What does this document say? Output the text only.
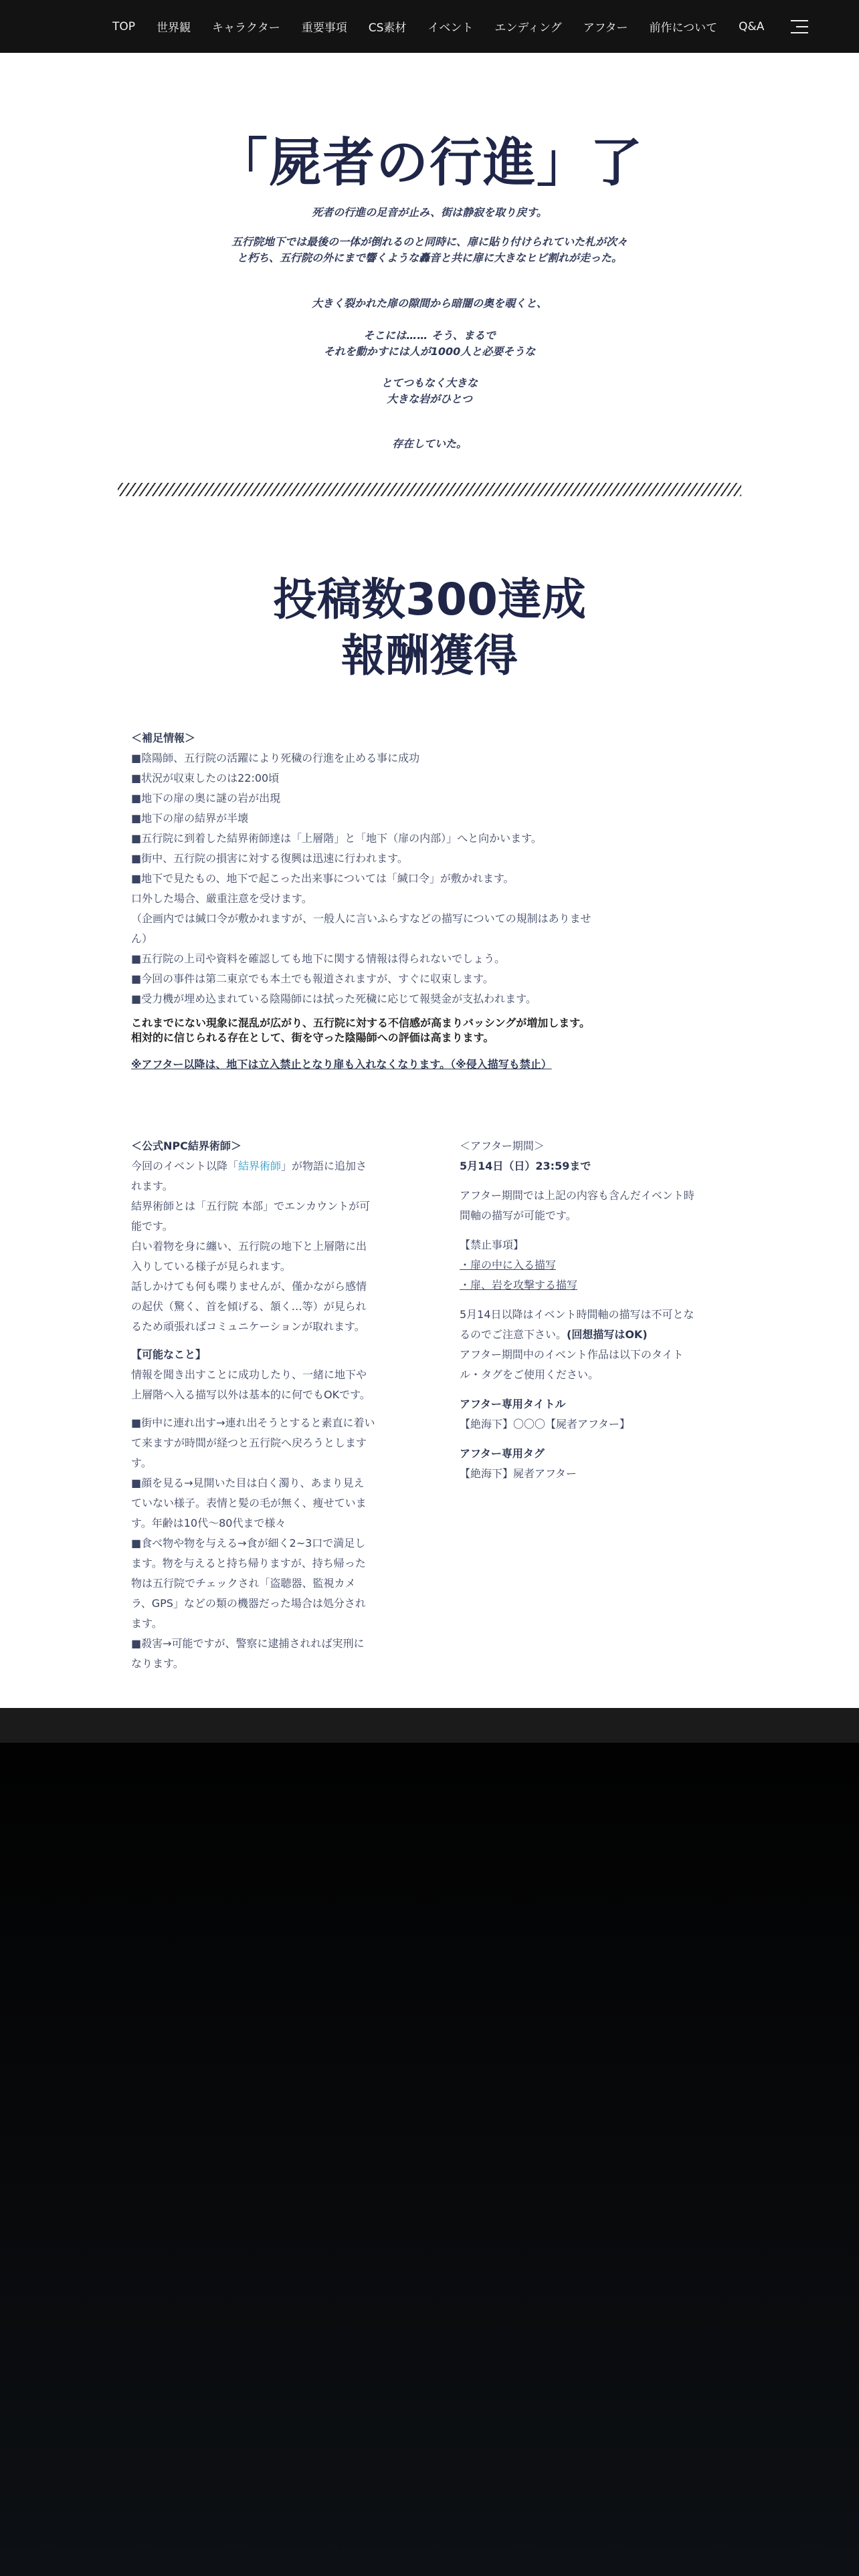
TOP	世界観	キャラクター	重要事項	CS素材	イベント	エンディング	アフター	前作について	Q&A
「屍者の行進」了

死者の行進の足音が止み、街は静寂を取り戻す。

五行院地下では最後の一体が倒れるのと同時に、扉に貼り付けられていた札が次々

と朽ち、五行院の外にまで響くような轟音と共に扉に大きなヒビ割れが走った。

大きく裂かれた扉の隙間から暗闇の奥を覗くと、

そこには…… そう、まるで

それを動かすには人が1000人と必要そうな

とてつもなく大きな

大きな岩がひとつ

存在していた。

投稿数300達成
報酬獲得
＜補足情報＞
■陰陽師、五行院の活躍により死穢の行進を止める事に成功
■状況が収束したのは22:00頃
■地下の扉の奥に謎の岩が出現
■地下の扉の結界が半壊
■五行院に到着した結界術師達は「上層階」と「地下（扉の内部）」へと向かいます。
■街中、五行院の損害に対する復興は迅速に行われます。
■地下で見たもの、地下で起こった出来事については「緘口令」が敷かれます。
口外した場合、厳重注意を受けます。
（企画内では緘口令が敷かれますが、一般人に言いふらすなどの描写についての規制はありませ
ん）
■五行院の上司や資料を確認しても地下に関する情報は得られないでしょう。
■今回の事件は第二東京でも本土でも報道されますが、すぐに収束します。
■受力機が埋め込まれている陰陽師には拭った死穢に応じて報奨金が支払われます。
これまでにない現象に混乱が広がり、五行院に対する不信感が高まりバッシングが増加します。
相対的に信じられる存在として、街を守った陰陽師への評価は高まります。
※アフター以降は、地下は立入禁止となり扉も入れなくなります。（※侵入描写も禁止）
＜公式NPC結界術師＞
今回のイベント以降「結界術師」が物語に追加さ
れます。
結界術師とは「五行院 本部」でエンカウントが可
能です。
白い着物を身に纏い、五行院の地下と上層階に出
入りしている様子が見られます。
話しかけても何も喋りませんが、僅かながら感情
の起伏（驚く、首を傾げる、頷く…等）が見られ
るため頑張ればコミュニケーションが取れます。
【可能なこと】
情報を聞き出すことに成功したり、一緒に地下や
上層階へ入る描写以外は基本的に何でもOKです。
■街中に連れ出す→連れ出そうとすると素直に着い
て来ますが時間が経つと五行院へ戻ろうとします
す。
■顔を見る→見開いた目は白く濁り、あまり見え
ていない様子。表情と髪の毛が無く、痩せていま
す。年齢は10代〜80代まで様々
■食べ物や物を与える→食が細く2~3口で満足し
ます。物を与えると持ち帰りますが、持ち帰った
物は五行院でチェックされ「盗聴器、監視カメ
ラ、GPS」などの類の機器だった場合は処分され
ます。
■殺害→可能ですが、警察に逮捕されれば実刑に
なります。
＜アフター期間＞
5月14日（日）23:59まで
アフター期間では上記の内容も含んだイベント時
間軸の描写が可能です。
【禁止事項】
・扉の中に入る描写
・扉、岩を攻撃する描写
5月14日以降はイベント時間軸の描写は不可とな
るのでご注意下さい。(回想描写はOK)
アフター期間中のイベント作品は以下のタイト
ル・タグをご使用ください。
アフター専用タイトル
【絶海下】〇〇〇【屍者アフター】
アフター専用タグ
【絶海下】屍者アフター
